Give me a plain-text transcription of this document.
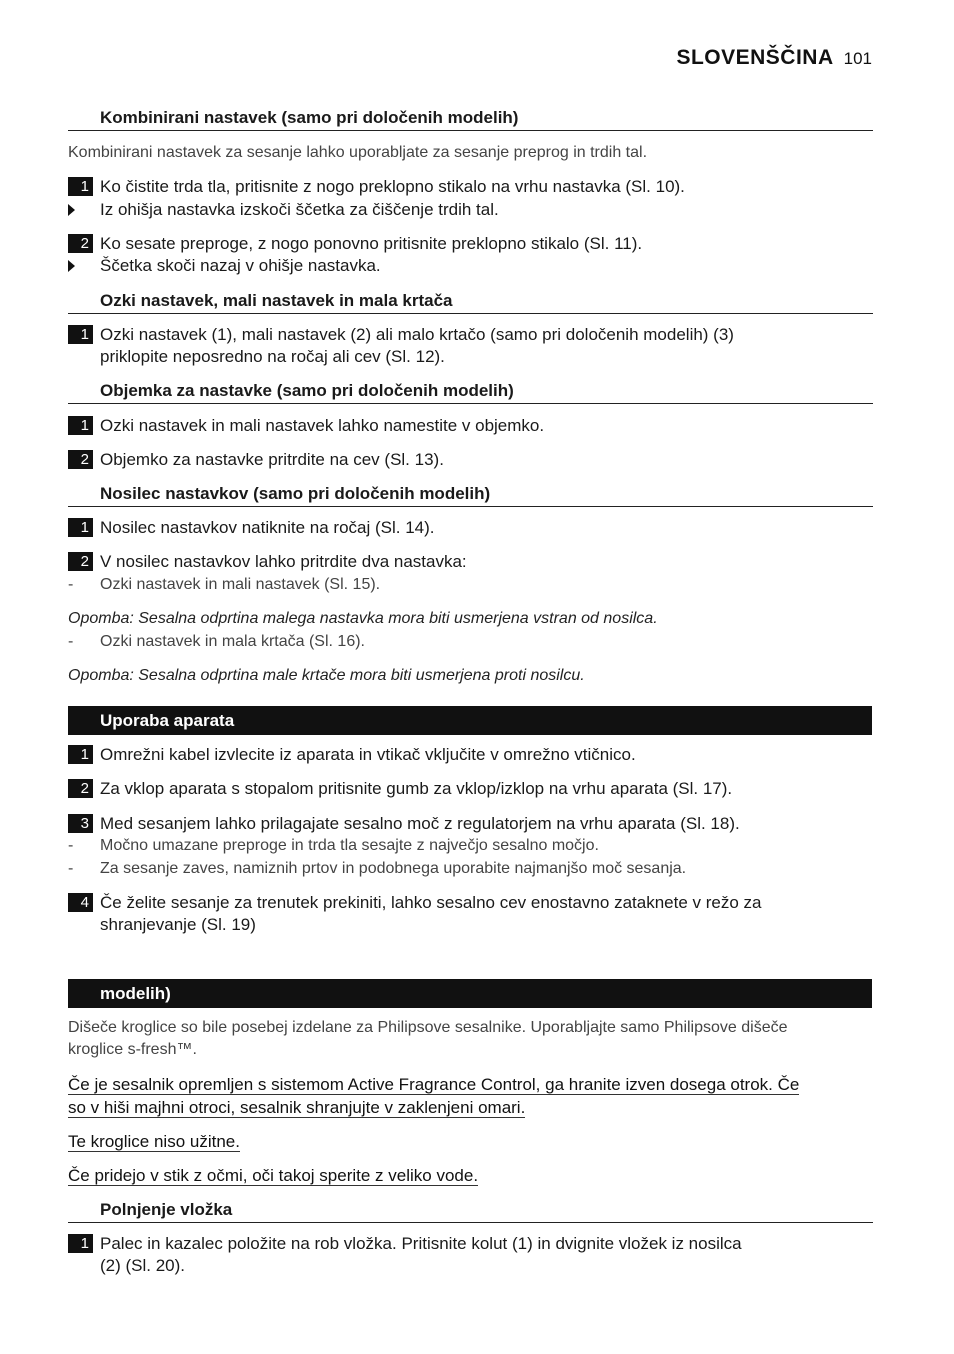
SLOVENŠČINA 101
Kombinirani nastavek (samo pri določenih modelih)
Kombinirani nastavek za sesanje lahko uporabljate za sesanje preprog in trdih tal.
1 Ko čistite trda tla, pritisnite z nogo preklopno stikalo na vrhu nastavka (Sl. 10).
Iz ohišja nastavka izskoči ščetka za čiščenje trdih tal.
2 Ko sesate preproge, z nogo ponovno pritisnite preklopno stikalo (Sl. 11).
Ščetka skoči nazaj v ohišje nastavka.
Ozki nastavek, mali nastavek in mala krtača
1 Ozki nastavek (1), mali nastavek (2) ali malo krtačo (samo pri določenih modelih) (3)
priklopite neposredno na ročaj ali cev (Sl. 12).
Objemka za nastavke (samo pri določenih modelih)
1 Ozki nastavek in mali nastavek lahko namestite v objemko.
2 Objemko za nastavke pritrdite na cev (Sl. 13).
Nosilec nastavkov (samo pri določenih modelih)
1 Nosilec nastavkov natiknite na ročaj (Sl. 14).
2 V nosilec nastavkov lahko pritrdite dva nastavka:
- Ozki nastavek in mali nastavek (Sl. 15).
Opomba: Sesalna odprtina malega nastavka mora biti usmerjena vstran od nosilca.
- Ozki nastavek in mala krtača (Sl. 16).
Opomba: Sesalna odprtina male krtače mora biti usmerjena proti nosilcu.
Uporaba aparata
1 Omrežni kabel izvlecite iz aparata in vtikač vključite v omrežno vtičnico.
2 Za vklop aparata s stopalom pritisnite gumb za vklop/izklop na vrhu aparata (Sl. 17).
3 Med sesanjem lahko prilagajate sesalno moč z regulatorjem na vrhu aparata (Sl. 18).
- Močno umazane preproge in trda tla sesajte z največjo sesalno močjo.
- Za sesanje zaves, namiznih prtov in podobnega uporabite najmanjšo moč sesanja.
4 Če želite sesanje za trenutek prekiniti, lahko sesalno cev enostavno zataknete v režo za
shranjevanje (Sl. 19)
modelih)
Dišeče kroglice so bile posebej izdelane za Philipsove sesalnike. Uporabljajte samo Philipsove dišeče
kroglice s-fresh™.
Če je sesalnik opremljen s sistemom Active Fragrance Control, ga hranite izven dosega otrok. Če
so v hiši majhni otroci, sesalnik shranjujte v zaklenjeni omari.
Te kroglice niso užitne.
Če pridejo v stik z očmi, oči takoj sperite z veliko vode.
Polnjenje vložka
1 Palec in kazalec položite na rob vložka. Pritisnite kolut (1) in dvignite vložek iz nosilca
(2) (Sl. 20).
